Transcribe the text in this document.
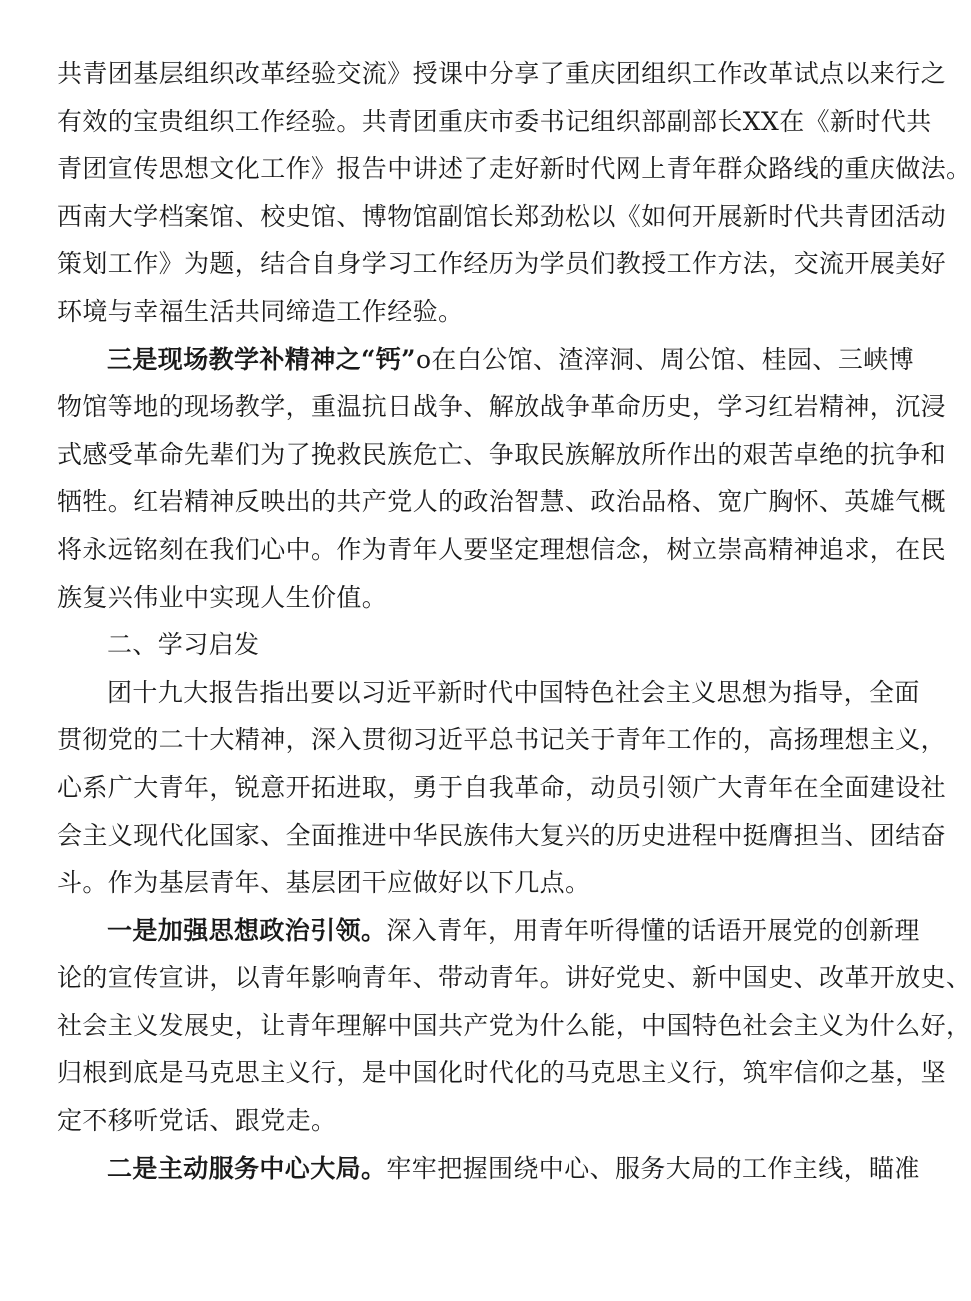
共青团基层组织改革经验交流》授课中分享了重庆团组织工作改革试点以来行之
有效的宝贵组织工作经验。共青团重庆市委书记组织部副部长XX在《新时代共
青团宣传思想文化工作》报告中讲述了走好新时代网上青年群众路线的重庆做法。
西南大学档案馆、校史馆、博物馆副馆长郑劲松以《如何开展新时代共青团活动
策划工作》为题，结合自身学习工作经历为学员们教授工作方法，交流开展美好
环境与幸福生活共同缔造工作经验。
三是现场教学补精神之“钙”o在白公馆、渣滓洞、周公馆、桂园、三峡博
物馆等地的现场教学，重温抗日战争、解放战争革命历史，学习红岩精神，沉浸
式感受革命先辈们为了挽救民族危亡、争取民族解放所作出的艰苦卓绝的抗争和
牺牲。红岩精神反映出的共产党人的政治智慧、政治品格、宽广胸怀、英雄气概
将永远铭刻在我们心中。作为青年人要坚定理想信念，树立崇高精神追求，在民
族复兴伟业中实现人生价值。
二、学习启发
团十九大报告指出要以习近平新时代中国特色社会主义思想为指导，全面
贯彻党的二十大精神，深入贯彻习近平总书记关于青年工作的，高扬理想主义，
心系广大青年，锐意开拓进取，勇于自我革命，动员引领广大青年在全面建设社
会主义现代化国家、全面推进中华民族伟大复兴的历史进程中挺膺担当、团结奋
斗。作为基层青年、基层团干应做好以下几点。
一是加强思想政治引领。深入青年，用青年听得懂的话语开展党的创新理
论的宣传宣讲，以青年影响青年、带动青年。讲好党史、新中国史、改革开放史、
社会主义发展史，让青年理解中国共产党为什么能，中国特色社会主义为什么好，
归根到底是马克思主义行，是中国化时代化的马克思主义行，筑牢信仰之基，坚
定不移听党话、跟党走。
二是主动服务中心大局。牢牢把握围绕中心、服务大局的工作主线，瞄准
